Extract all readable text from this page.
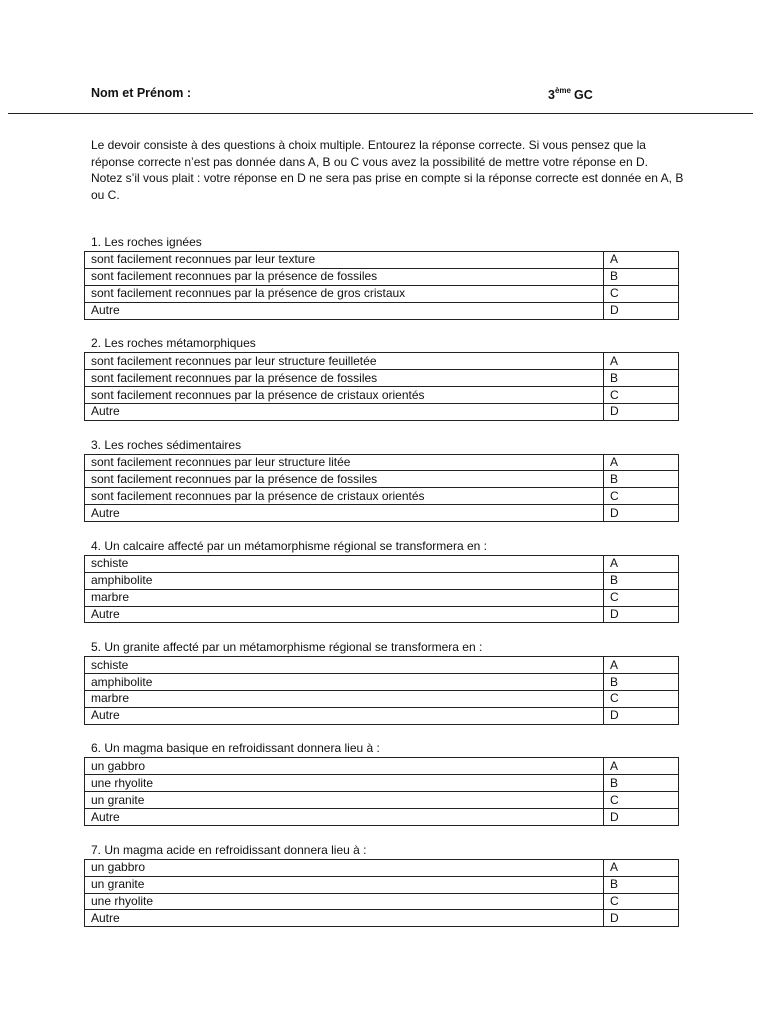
Nom et Prénom :	3ème GC

Le devoir consiste à des questions à choix multiple. Entourez la réponse correcte. Si vous pensez que la réponse correcte n’est pas donnée dans A, B ou C vous avez la possibilité de mettre votre réponse en D.

Notez s’il vous plait : votre réponse en D ne sera pas prise en compte si la réponse correcte est donnée en A, B ou C.

1. Les roches ignées
sont facilement reconnues par leur texture	A
sont facilement reconnues par la présence de fossiles	B
sont facilement reconnues par la présence de gros cristaux	C
Autre	D
2. Les roches métamorphiques
sont facilement reconnues par leur structure feuilletée	A
sont facilement reconnues par la présence de fossiles	B
sont facilement reconnues par la présence de cristaux orientés	C
Autre	D
3. Les roches sédimentaires
sont facilement reconnues par leur structure litée	A
sont facilement reconnues par la présence de fossiles	B
sont facilement reconnues par la présence de cristaux orientés	C
Autre	D
4. Un calcaire affecté par un métamorphisme régional se transformera en :
schiste	A
amphibolite	B
marbre	C
Autre	D
5. Un granite affecté par un métamorphisme régional se transformera en :
schiste	A
amphibolite	B
marbre	C
Autre	D
6. Un magma basique en refroidissant donnera lieu à :
un gabbro	A
une rhyolite	B
un granite	C
Autre	D
7. Un magma acide en refroidissant donnera lieu à :
un gabbro	A
un granite	B
une rhyolite	C
Autre	D
